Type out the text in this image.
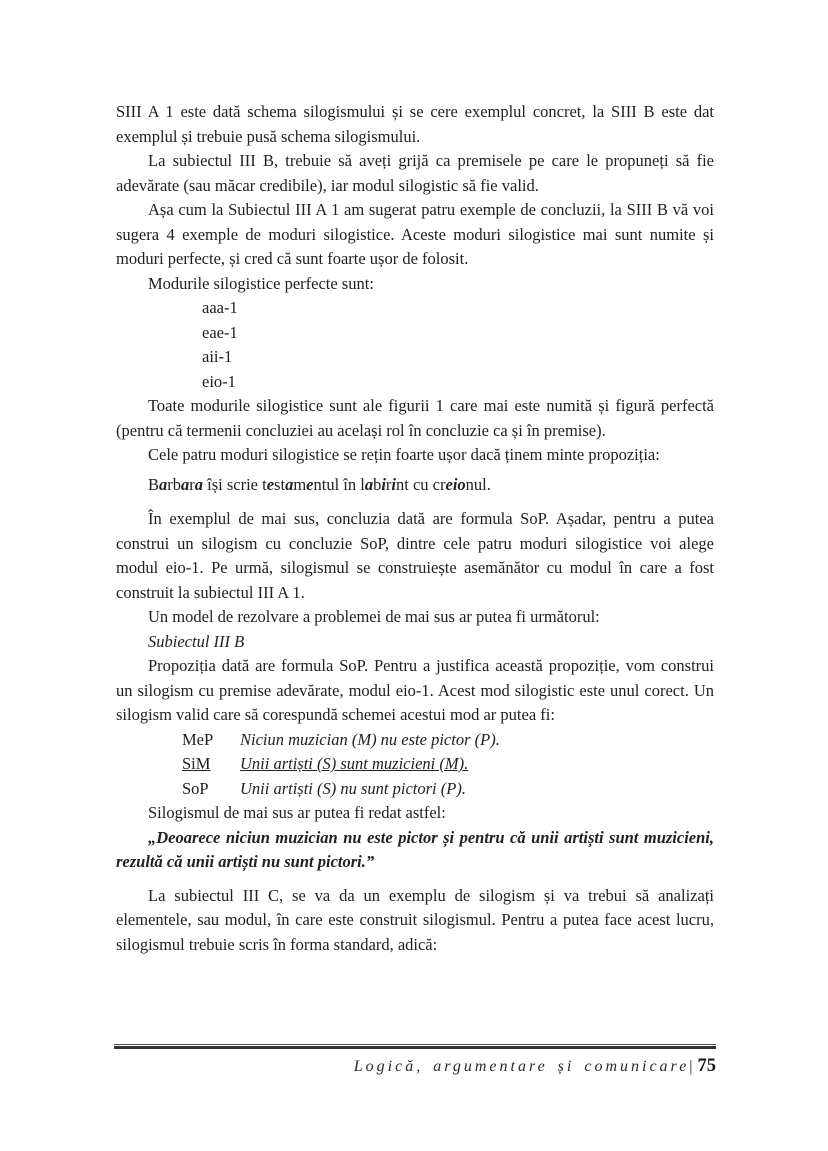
SIII A 1 este dată schema silogismului și se cere exemplul concret, la SIII B este dat exemplul și trebuie pusă schema silogismului.

La subiectul III B, trebuie să aveți grijă ca premisele pe care le propuneți să fie adevărate (sau măcar credibile), iar modul silogistic să fie valid.

Așa cum la Subiectul III A 1 am sugerat patru exemple de concluzii, la SIII B vă voi sugera 4 exemple de moduri silogistice. Aceste moduri silogistice mai sunt numite și moduri perfecte, și cred că sunt foarte ușor de folosit.

Modurile silogistice perfecte sunt:

aaa-1
eae-1
aii-1
eio-1

Toate modurile silogistice sunt ale figurii 1 care mai este numită și figură perfectă (pentru că termenii concluziei au același rol în concluzie ca și în premise).

Cele patru moduri silogistice se rețin foarte ușor dacă ținem minte propoziția:

Barbara își scrie testamentul în labirint cu creionul.

În exemplul de mai sus, concluzia dată are formula SoP. Așadar, pentru a putea construi un silogism cu concluzie SoP, dintre cele patru moduri silogistice voi alege modul eio-1. Pe urmă, silogismul se construiește asemănător cu modul în care a fost construit la subiectul III A 1.

Un model de rezolvare a problemei de mai sus ar putea fi următorul:

Subiectul III B

Propoziția dată are formula SoP. Pentru a justifica această propoziție, vom construi un silogism cu premise adevărate, modul eio-1. Acest mod silogistic este unul corect. Un silogism valid care să corespundă schemei acestui mod ar putea fi:

MeP Niciun muzician (M) nu este pictor (P).
SiM Unii artiști (S) sunt muzicieni (M).
SoP Unii artiști (S) nu sunt pictori (P).

Silogismul de mai sus ar putea fi redat astfel:

„Deoarece niciun muzician nu este pictor și pentru că unii artiști sunt muzicieni, rezultă că unii artiști nu sunt pictori.”

La subiectul III C, se va da un exemplu de silogism și va trebui să analizați elementele, sau modul, în care este construit silogismul. Pentru a putea face acest lucru, silogismul trebuie scris în forma standard, adică:

Logică, argumentare și comunicare| 75
